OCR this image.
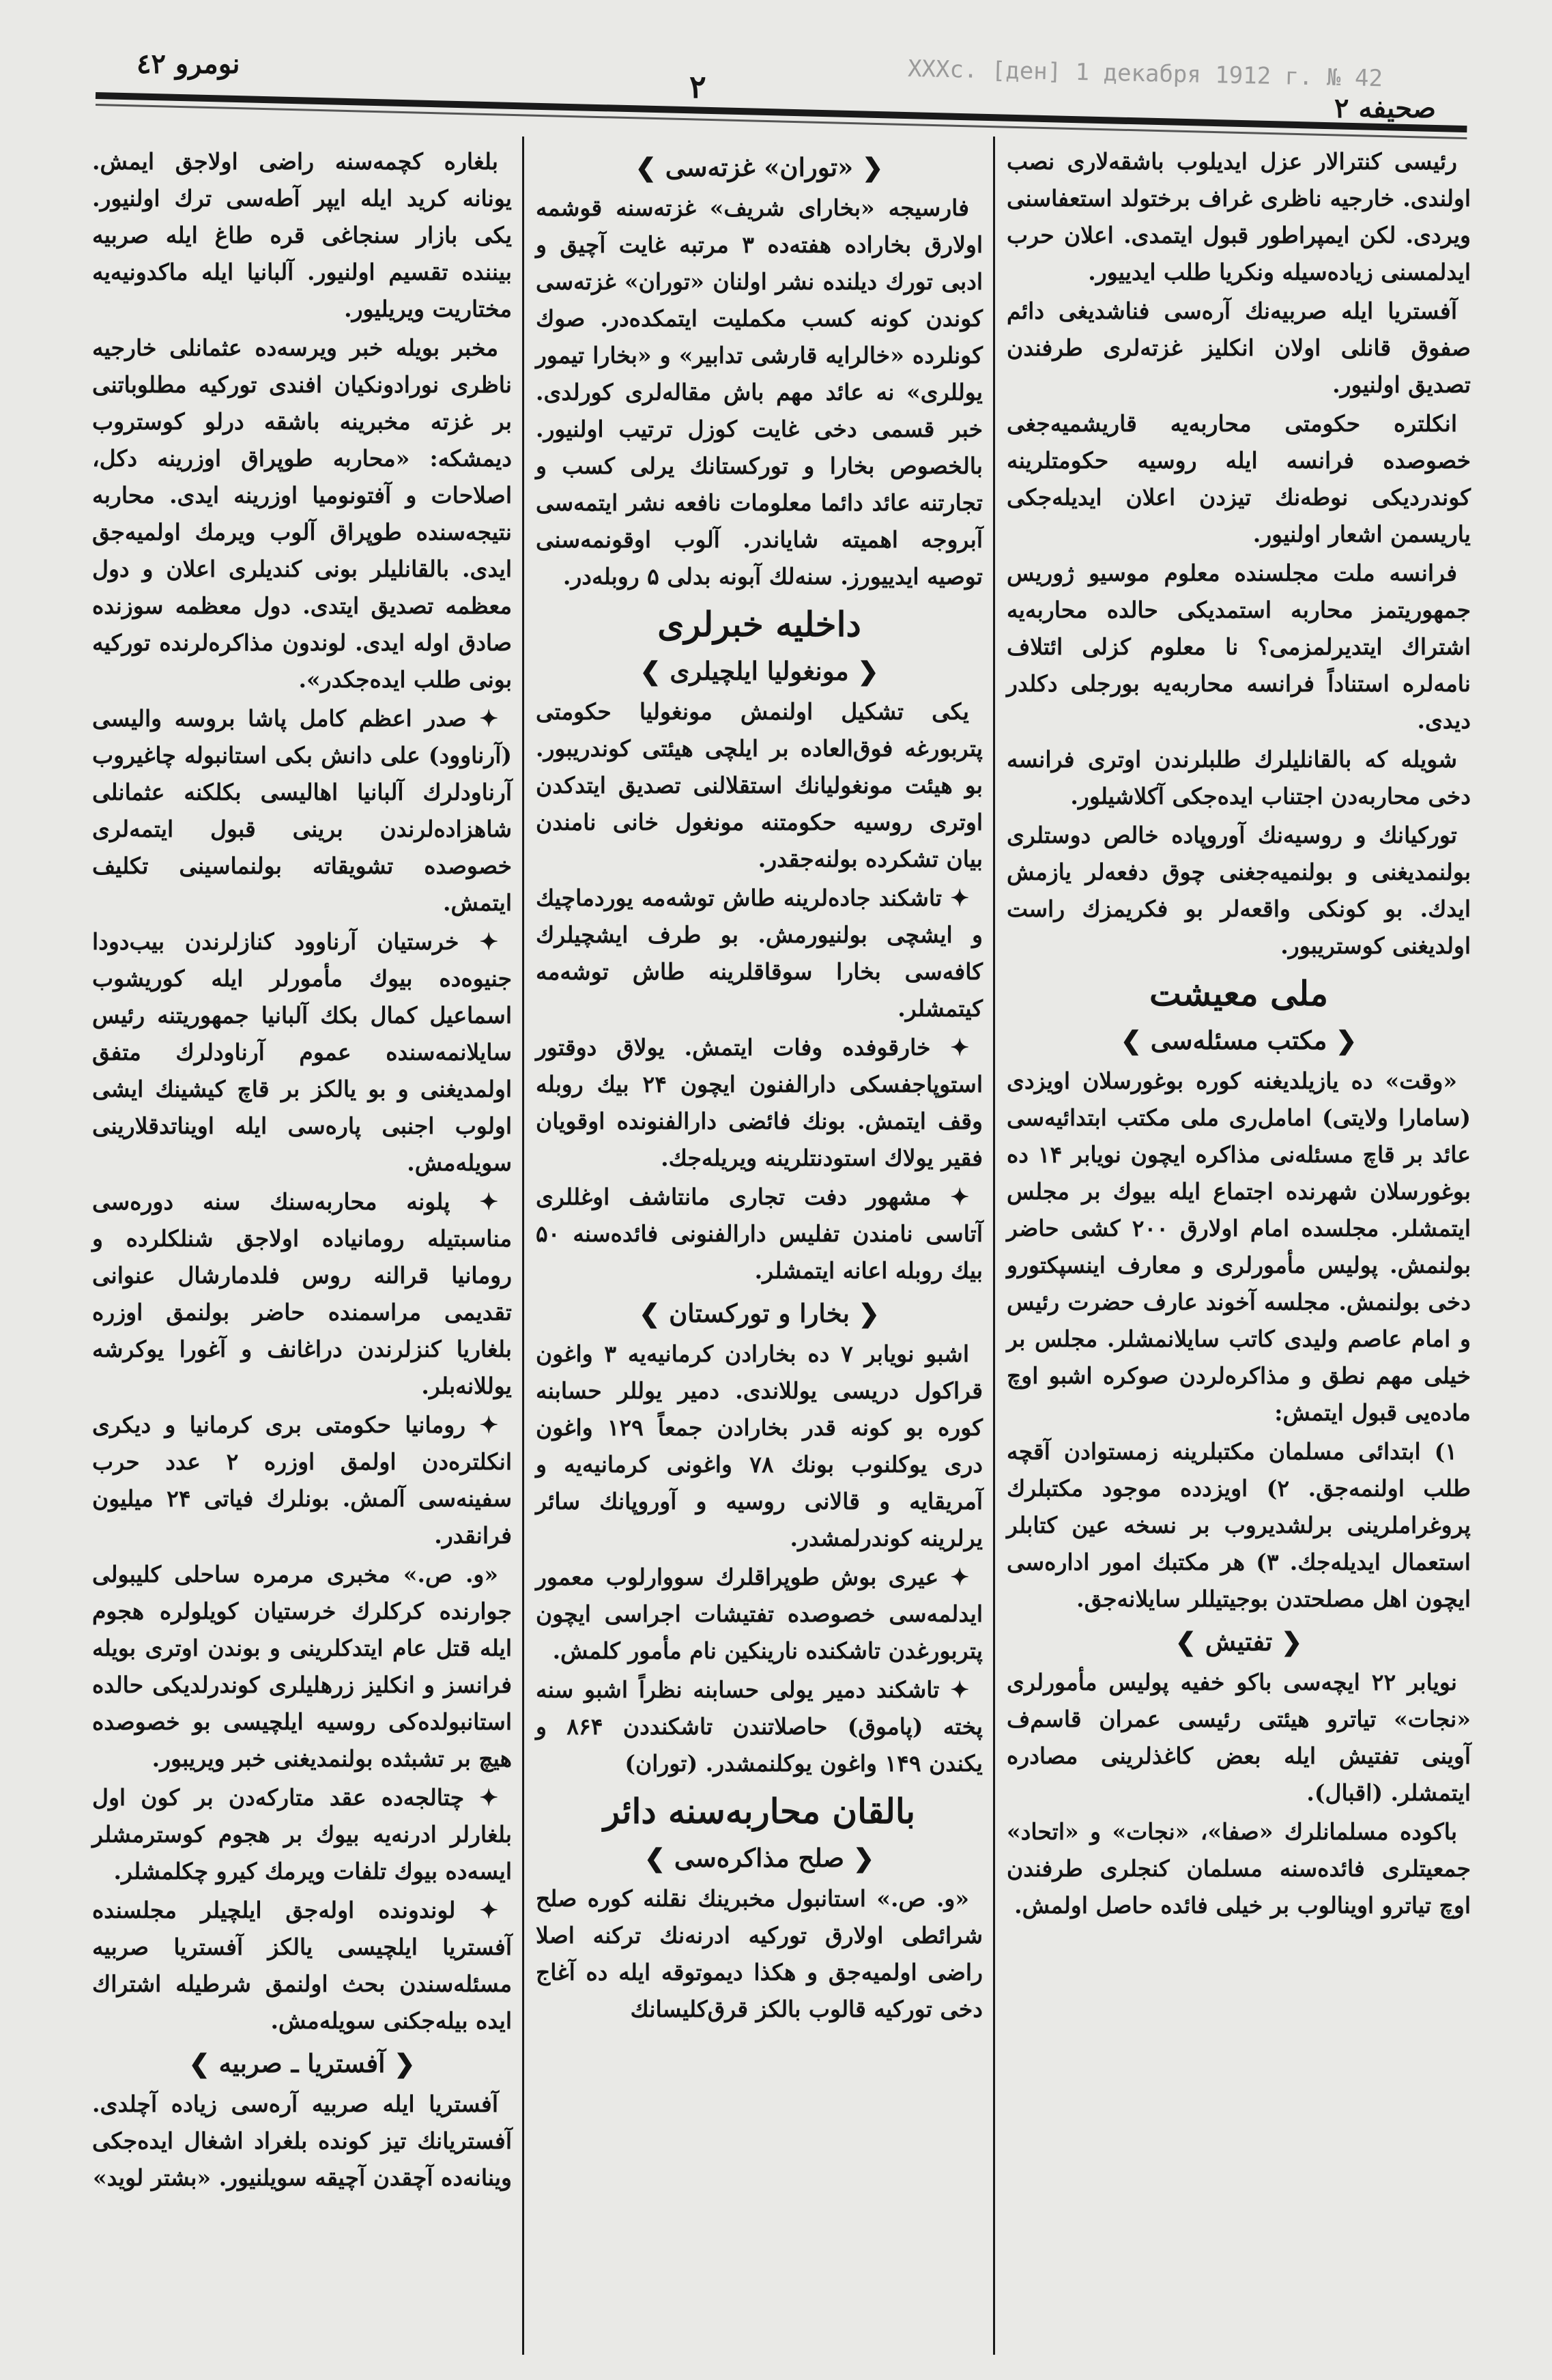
XXXc. [ден] 1 декабря 1912 г. № 42
نومرو ٤٢
۲
صحیفه ٢

رئیسی کنترالار عزل ایدیلوب باشقه‌لاری نصب اولندی. خارجیه ناظری غراف برختولد استعفاسنی ویردی. لکن ایمپراطور قبول ایتمدی. اعلان حرب ایدلمسنی زیاده‌سیله ونکریا طلب ایدییور.

آفستریا ایله صربیه‌نك آره‌سی فناشدیغی دائم صفوق قانلی اولان انکلیز غزته‌لری طرفندن تصدیق اولنیور.

انکلتره حکومتی محاربه‌یه قاریشمیه‌جغی خصوصده فرانسه ایله روسیه حکومتلرینه کوندردیکی نوطه‌نك تیزدن اعلان ایدیله‌جکی یاریسمن اشعار اولنیور.

فرانسه ملت مجلسنده معلوم موسیو ژوریس جمهوریتمز محاربه استمدیکی حالده محاربه‌یه اشتراك ایتدیرلمزمی؟ نا معلوم کزلی ائتلاف نامه‌لره استناداً فرانسه محاربه‌یه بورجلی دکلدر دیدی.

شویله که بالقانلیلرك طلبلرندن اوتری فرانسه دخی محاربه‌دن اجتناب ایده‌جکی آکلاشیلور.

تورکیانك و روسیه‌نك آوروپاده خالص دوستلری بولنمدیغنی و بولنمیه‌جغنی چوق دفعه‌لر یازمش ایدك. بو کونکی واقعه‌لر بو فکریمزك راست اولدیغنی کوستریبور.

ملی معیشت
❮ مکتب مسئله‌سی ❯

«وقت» ده یازیلدیغنه کوره بوغورسلان اویزدی (سامارا ولایتی) امامل‌ری ملی مکتب ابتدائیه‌سی عائد بر قاچ مسئله‌نی مذاکره ایچون نویابر ۱۴ ده بوغورسلان شهرنده اجتماع ایله بیوك بر مجلس ایتمشلر. مجلسده امام اولارق ۲۰۰ کشی حاضر بولنمش. پولیس مأمورلری و معارف اینسپکتورو دخی بولنمش. مجلسه آخوند عارف حضرت رئیس و امام عاصم ولیدی کاتب سایلانمشلر. مجلس بر خیلی مهم نطق و مذاکره‌لردن صوکره اشبو اوچ ماده‌یی قبول ایتمش:

۱) ابتدائی مسلمان مکتبلرینه زمستوادن آقچه طلب اولنمه‌جق. ۲) اویزدده موجود مکتبلرك پروغراملرینی برلشدیروب بر نسخه عین کتابلر استعمال ایدیله‌جك. ۳) هر مکتبك امور اداره‌سی ایچون اهل مصلحتدن بوجیتیللر سایلانه‌جق.

❮ تفتیش ❯

نویابر ۲۲ ایچه‌سی باکو خفیه پولیس مأمورلری «نجات» تیاترو هیئتی رئیسی عمران قاسم‌ف آوینی تفتیش ایله بعض کاغذلرینی مصادره ایتمشلر. (اقبال).

باکوده مسلمانلرك «صفا»، «نجات» و «اتحاد» جمعیتلری فائده‌سنه مسلمان کنجلری طرفندن اوچ تیاترو اوینالوب بر خیلی فائده حاصل اولمش.

❮ «توران» غزته‌سی ❯

فارسیجه «بخارای شریف» غزته‌سنه قوشمه اولارق بخاراده هفته‌ده ۳ مرتبه غایت آچیق و ادبی تورك دیلنده نشر اولنان «توران» غزته‌سی کوندن کونه کسب مکملیت ایتمکده‌در. صوك کونلرده «خالرایه قارشی تدابیر» و «بخارا تیمور یوللری» نه عائد مهم باش مقاله‌لری کورلدی. خبر قسمی دخی غایت کوزل ترتیب اولنیور. بالخصوص بخارا و تورکستانك یرلی کسب و تجارتنه عائد دائما معلومات نافعه نشر ایتمه‌سی آبروجه اهمیته شایاندر. آلوب اوقونمه‌سنی توصیه ایدییورز. سنه‌لك آبونه بدلی ۵ روبله‌در.

داخلیه خبرلری
❮ مونغولیا ایلچیلری ❯

یکی تشکیل اولنمش مونغولیا حکومتی پتربورغه فوق‌العاده بر ایلچی هیئتی کوندریبور. بو هیئت مونغولیانك استقلالنی تصدیق ایتدکدن اوتری روسیه حکومتنه مونغول خانی نامندن بیان تشکرده بولنه‌جقدر.

✦ تاشکند جاده‌لرینه طاش توشه‌مه یوردماچیك و ایشچی بولنیورمش. بو طرف ایشچیلرك کافه‌سی بخارا سوقاقلرینه طاش توشه‌مه کیتمشلر.

✦ خارقوفده وفات ایتمش. یولاق دوقتور استوپاجفسکی دارالفنون ایچون ۲۴ بیك روبله وقف ایتمش. بونك فائضی دارالفنونده اوقویان فقیر یولاك استودنتلرینه ویریله‌جك.

✦ مشهور دفت تجاری مانتاشف اوغللری آتاسی نامندن تفلیس دارالفنونی فائده‌سنه ۵۰ بیك روبله اعانه ایتمشلر.

❮ بخارا و تورکستان ❯

اشبو نویابر ۷ ده بخارادن کرمانیه‌یه ۳ واغون قراکول دریسی یوللاندی. دمیر یوللر حسابنه کوره بو کونه قدر بخارادن جمعاً ۱۲۹ واغون دری یوکلنوب بونك ۷۸ واغونی کرمانیه‌یه و آمریقایه و قالانی روسیه و آوروپانك سائر یرلرینه کوندرلمشدر.

✦ عیری بوش طوپراقلرك سووارلوب معمور ایدلمه‌سی خصوصده تفتیشات اجراسی ایچون پتربورغدن تاشکنده نارینکین نام مأمور کلمش.

✦ تاشکند دمیر یولی حسابنه نظراً اشبو سنه پخته (پاموق) حاصلاتندن تاشکنددن ۸۶۴ و یکندن ۱۴۹ واغون یوکلنمشدر. (توران)

بالقان محاربه‌سنه دائر
❮ صلح مذاکره‌سی ❯

«و. ص.» استانبول مخبرینك نقلنه کوره صلح شرائطی اولارق تورکیه ادرنه‌نك ترکنه اصلا راضی اولمیه‌جق و هکذا دیموتوقه ایله ده آغاج دخی تورکیه قالوب بالکز قرق‌کلیسانك

بلغاره کچمه‌سنه راضی اولاجق ایمش. یونانه کرید ایله ایپر آطه‌سی ترك اولنیور. یکی بازار سنجاغی قره طاغ ایله صربیه بیننده تقسیم اولنیور. آلبانیا ایله ماکدونیه‌یه مختاریت ویریلیور.

مخبر بویله خبر ویرسه‌ده عثمانلی خارجیه ناظری نورادونکیان افندی تورکیه مطلوباتنی بر غزته مخبرینه باشقه درلو کوستروب دیمشکه: «محاربه طوپراق اوزرینه دکل، اصلاحات و آفتونومیا اوزرینه ایدی. محاربه نتیجه‌سنده طوپراق آلوب ویرمك اولمیه‌جق ایدی. بالقانلیلر بونی کندیلری اعلان و دول معظمه تصدیق ایتدی. دول معظمه سوزنده صادق اوله ایدی. لوندون مذاکره‌لرنده تورکیه بونی طلب ایده‌جکدر».

✦ صدر اعظم کامل پاشا بروسه والیسی (آرناوود) علی دانش بکی استانبوله چاغیروب آرناودلرك آلبانیا اهالیسی بکلکنه عثمانلی شاهزاده‌لرندن برینی قبول ایتمه‌لری خصوصده تشویقاته بولنماسینی تکلیف ایتمش.

✦ خرستیان آرناوود کنازلرندن بیب‌دودا جنیوه‌ده بیوك مأمورلر ایله کوریشوب اسماعیل کمال بکك آلبانیا جمهوریتنه رئیس سایلانمه‌سنده عموم آرناودلرك متفق اولمدیغنی و بو یالکز بر قاچ کیشینك ایشی اولوب اجنبی پاره‌سی ایله اویناتدقلارینی سویله‌مش.

✦ پلونه محاربه‌سنك سنه دوره‌سی مناسبتیله رومانیاده اولاجق شنلکلرده و رومانیا قرالنه روس فلدمارشال عنوانی تقدیمی مراسمنده حاضر بولنمق اوزره بلغاریا کنزلرندن دراغانف و آغورا یوکرشه یوللانه‌بلر.

✦ رومانیا حکومتی بری کرمانیا و دیکری انکلتره‌دن اولمق اوزره ۲ عدد حرب سفینه‌سی آلمش. بونلرك فیاتی ۲۴ میلیون فرانقدر.

«و. ص.» مخبری مرمره ساحلی کلیبولی جوارنده کرکلرك خرستیان کویلولره هجوم ایله قتل عام ایتدکلرینی و بوندن اوتری بویله فرانسز و انکلیز زرهلیلری کوندرلدیکی حالده استانبولده‌کی روسیه ایلچیسی بو خصوصده هیچ بر تشبثده بولنمدیغنی خبر ویریبور.

✦ چتالجه‌ده عقد متارکه‌دن بر کون اول بلغارلر ادرنه‌یه بیوك بر هجوم کوسترمشلر ایسه‌ده بیوك تلفات ویرمك کیرو چکلمشلر.

✦ لوندونده اوله‌جق ایلچیلر مجلسنده آفستریا ایلچیسی یالکز آفستریا صربیه مسئله‌سندن بحث اولنمق شرطیله اشتراك ایده بیله‌جکنی سویله‌مش.

❮ آفستریا ـ صربیه ❯

آفستریا ایله صربیه آره‌سی زیاده آچلدی. آفستریانك تیز کونده بلغراد اشغال ایده‌جکی وینانه‌ده آچقدن آچیقه سویلنیور. «بشتر لوید»
